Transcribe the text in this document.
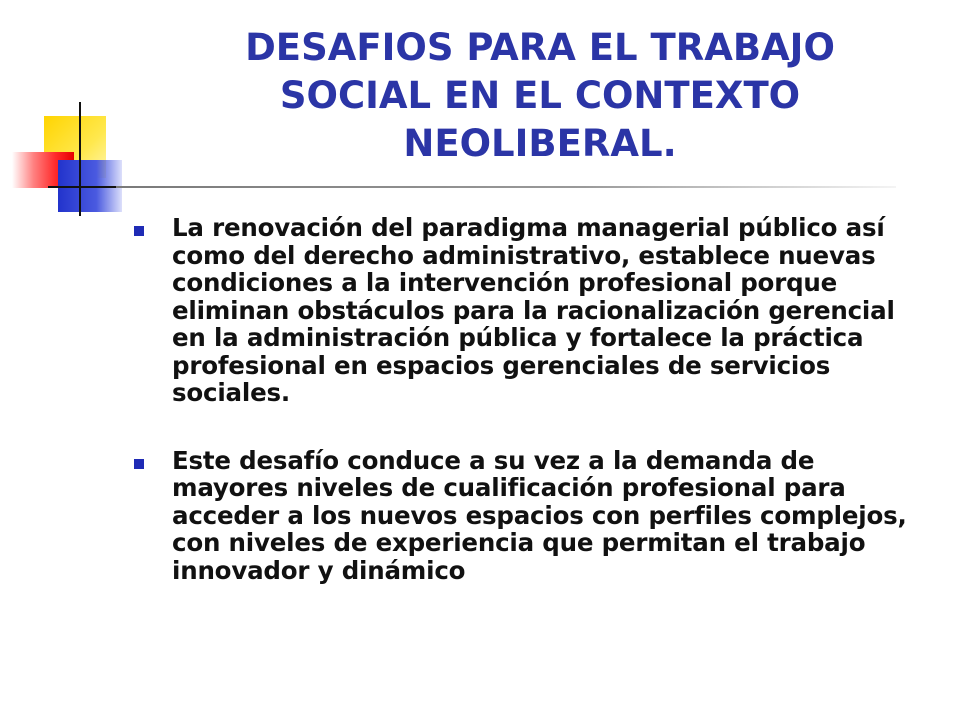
DESAFIOS PARA EL TRABAJO SOCIAL EN EL CONTEXTO NEOLIBERAL.
La renovación del paradigma managerial público así como del derecho administrativo, establece nuevas condiciones a la intervención profesional porque eliminan obstáculos para la racionalización gerencial en la administración pública y fortalece la práctica profesional en espacios gerenciales de servicios sociales.
Este desafío conduce a su vez a la demanda de mayores niveles de cualificación profesional para acceder a los nuevos espacios con perfiles complejos, con niveles de experiencia que permitan el trabajo innovador y dinámico
